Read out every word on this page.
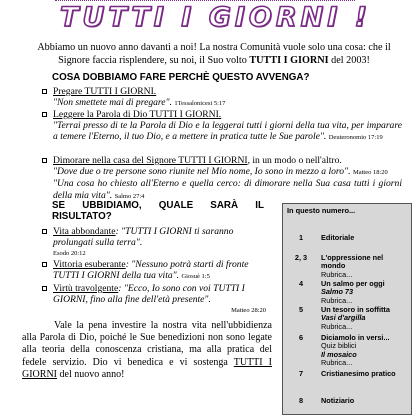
TUTTI I GIORNI !
Abbiamo un nuovo anno davanti a noi! La nostra Comunità vuole solo una cosa: che il Signore faccia risplendere, su noi, il Suo volto TUTTI I GIORNI del 2003!
COSA DOBBIAMO FARE PERCHÈ QUESTO AVVENGA?
Pregare TUTTI I GIORNI.
"Non smettete mai di pregare". 1Tessalonicesi 5:17
Leggere la Parola di Dio TUTTI I GIORNI.
"Terrai presso di te la Parola di Dio e la leggerai tutti i giorni della tua vita, per imparare a temere l'Eterno, il tuo Dio, e a mettere in pratica tutte le Sue parole". Deuteronomio 17:19
Dimorare nella casa del Signore TUTTI I GIORNI, in un modo o nell'altro.
"Dove due o tre persone sono riunite nel Mio nome, Io sono in mezzo a loro". Matteo 18:20
"Una cosa ho chiesto all'Eterno e quella cerco: di dimorare nella Sua casa tutti i giorni della mia vita". Salmo 27:4
SE UBBIDIAMO, QUALE SARÀ IL RISULTATO?
Vita abbondante: "TUTTI I GIORNI ti saranno prolungati sulla terra".
Esodo 20:12
Vittoria esuberante: "Nessuno potrà starti di fronte TUTTI I GIORNI della tua vita". Giosuè 1:5
Virtù travolgente: "Ecco, Io sono con voi TUTTI I GIORNI, fino alla fine dell'età presente".
Matteo 28:20
Vale la pena investire la nostra vita nell'ubbidienza alla Parola di Dio, poiché le Sue benedizioni non sono legate alla teoria della conoscenza cristiana, ma alla pratica del fedele servizio. Dio vi benedica e vi sostenga TUTTI I GIORNI del nuovo anno!
In questo numero...
1	Editoriale
2, 3	L'oppressione nel mondo
Rubrica...
4	Un salmo per oggi
Salmo 73
Rubrica...
5	Un tesoro in soffitta
Vasi d'argilla
Rubrica...
6	Diciamolo in versi...
Quiz biblici
Il mosaico
Rubrica...
7	Cristianesimo pratico
8	Notiziario
